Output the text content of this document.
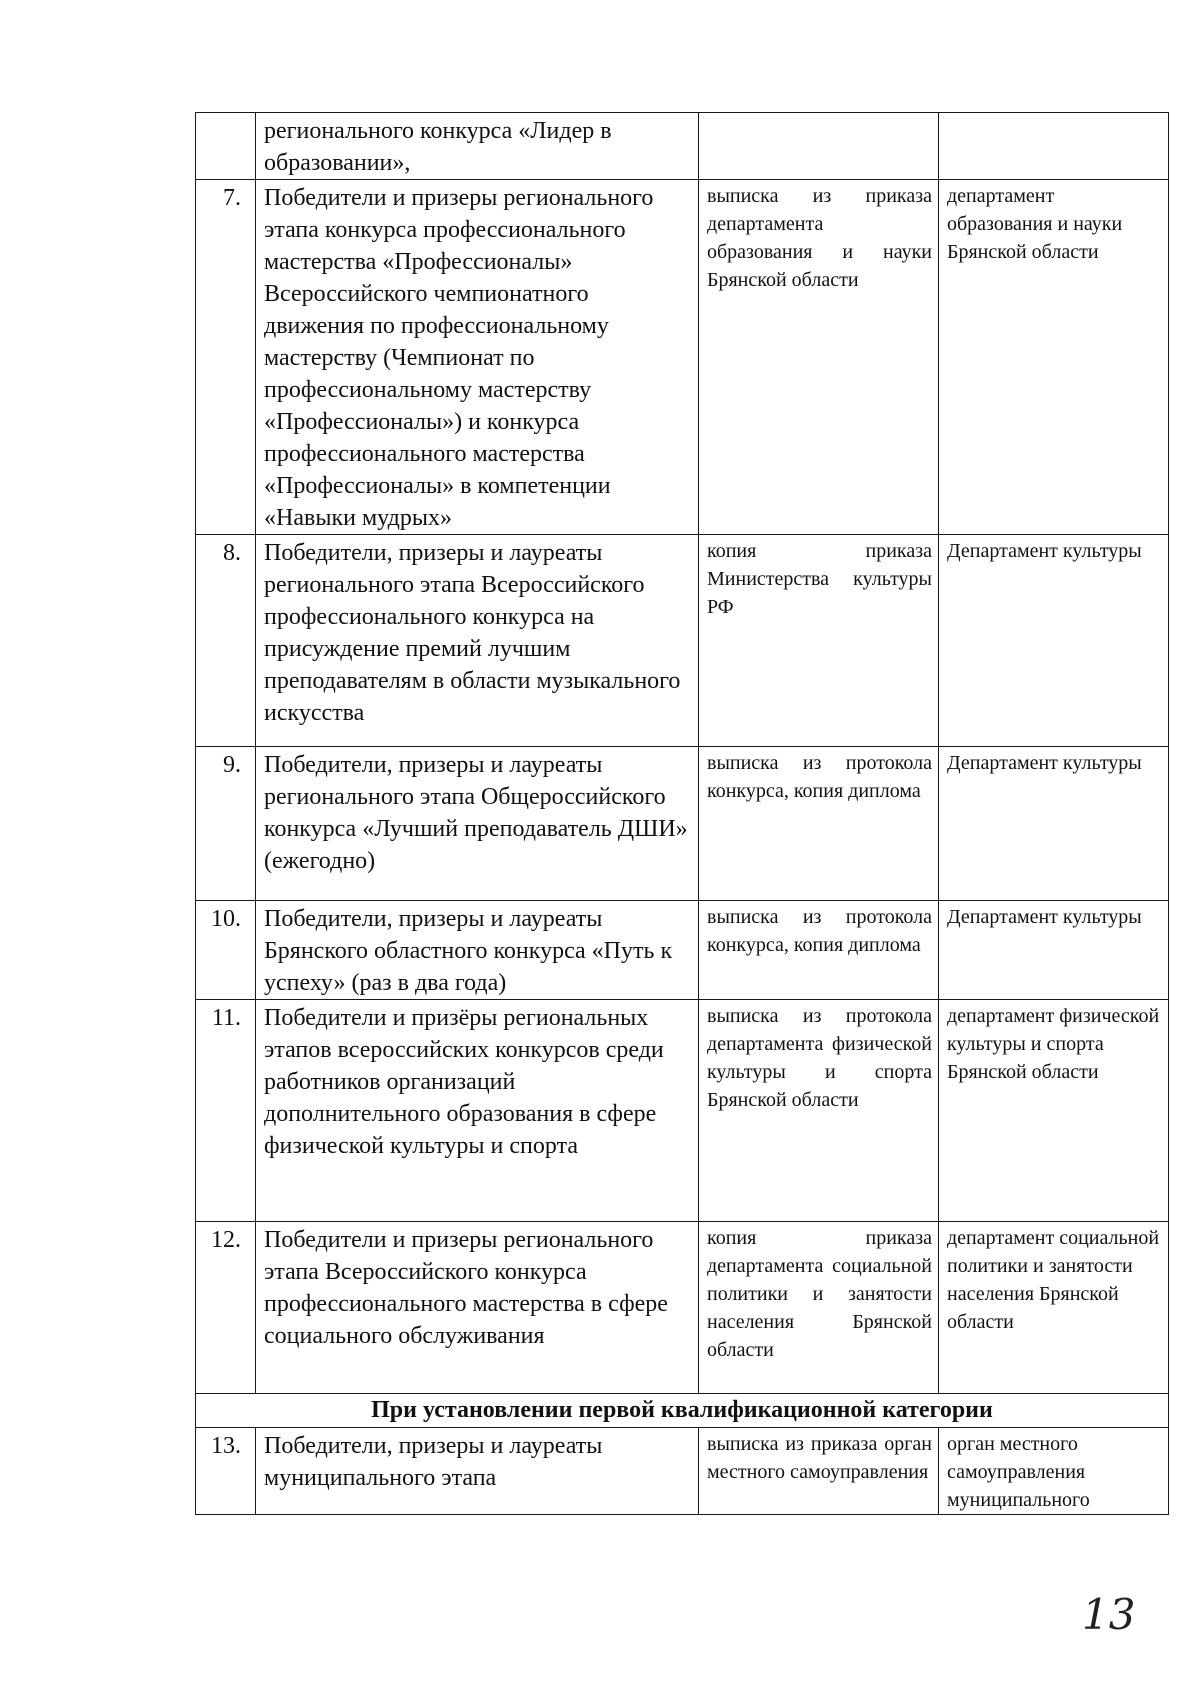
	регионального конкурса «Лидер в образовании»,		
7.	Победители и призеры регионального этапа конкурса профессионального мастерства «Профессионалы» Всероссийского чемпионатного движения по профессиональному мастерству (Чемпионат по профессиональному мастерству «Профессионалы») и конкурса профессионального мастерства «Профессионалы» в компетенции «Навыки мудрых»	выписка из приказа департамента образования и науки Брянской области	департамент образования и науки Брянской области
8.	Победители, призеры и лауреаты регионального этапа Всероссийского профессионального конкурса на присуждение премий лучшим преподавателям в области музыкального искусства	копия приказа Министерства культуры РФ	Департамент культуры
9.	Победители, призеры и лауреаты регионального этапа Общероссийского конкурса «Лучший преподаватель ДШИ» (ежегодно)	выписка из протокола конкурса, копия диплома	Департамент культуры
10.	Победители, призеры и лауреаты Брянского областного конкурса «Путь к успеху» (раз в два года)	выписка из протокола конкурса, копия диплома	Департамент культуры
11.	Победители и призёры региональных этапов всероссийских конкурсов среди работников организаций дополнительного образования в сфере физической культуры и спорта	выписка из протокола департамента физической культуры и спорта Брянской области	департамент физической культуры и спорта Брянской области
12.	Победители и призеры регионального этапа Всероссийского конкурса профессионального мастерства в сфере социального обслуживания	копия приказа департамента социальной политики и занятости населения Брянской области	департамент социальной политики и занятости населения Брянской области
При установлении первой квалификационной категории			
13.	Победители, призеры и лауреаты муниципального этапа	выписка из приказа орган местного самоуправления	орган местного самоуправления муниципального
13
